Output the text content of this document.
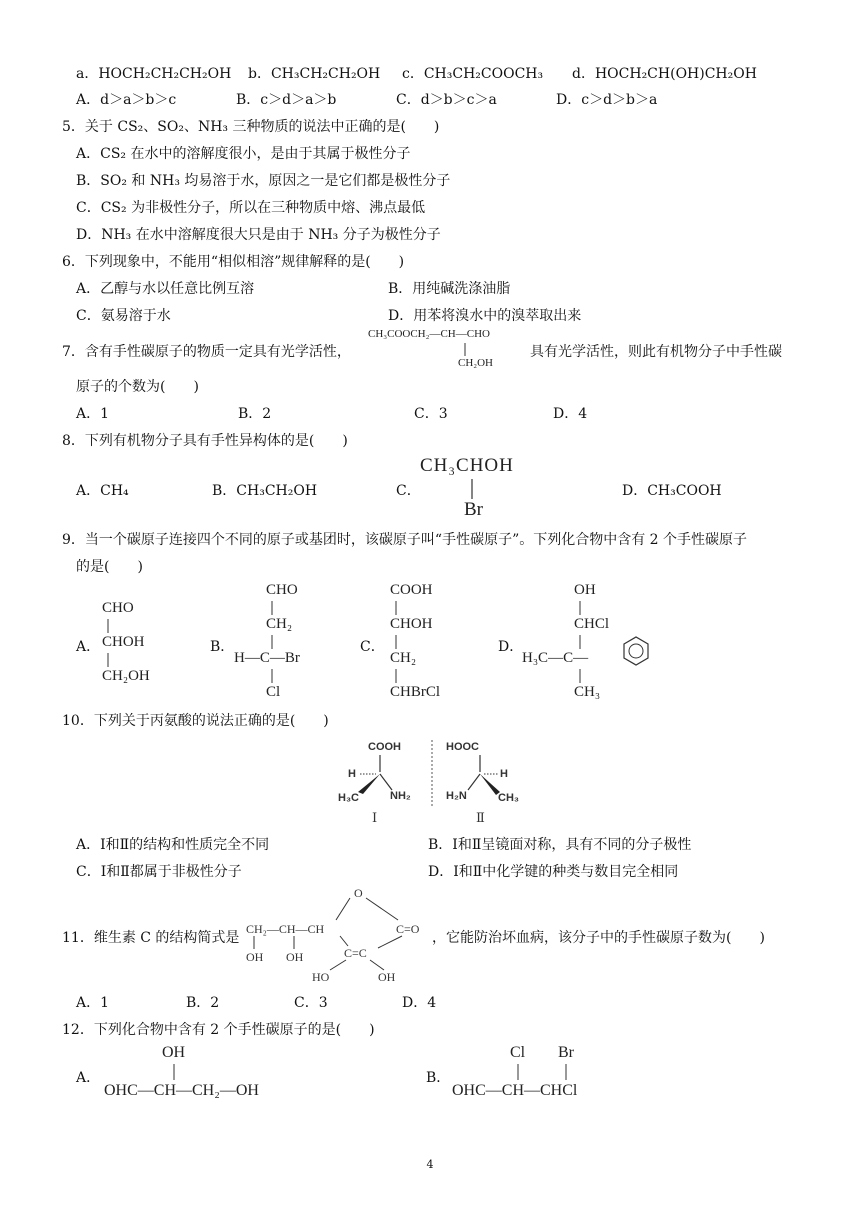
a．HOCH₂CH₂CH₂OH b．CH₃CH₂CH₂OH c．CH₃CH₂COOCH₃ d．HOCH₂CH(OH)CH₂OH
A．d＞a＞b＞c	B．c＞d＞a＞b	C．d＞b＞c＞a	D．c＞d＞b＞a
5．关于 CS₂、SO₂、NH₃ 三种物质的说法中正确的是(　　)
A．CS₂ 在水中的溶解度很小，是由于其属于极性分子
B．SO₂ 和 NH₃ 均易溶于水，原因之一是它们都是极性分子
C．CS₂ 为非极性分子，所以在三种物质中熔、沸点最低
D．NH₃ 在水中溶解度很大只是由于 NH₃ 分子为极性分子
6．下列现象中，不能用“相似相溶”规律解释的是(　　)
A．乙醇与水以任意比例互溶	B．用纯碱洗涤油脂
C．氨易溶于水	D．用苯将溴水中的溴萃取出来
7．含有手性碳原子的物质一定具有光学活性，
CH₃COOCH₂—CH—CHO
CH₂OH
具有光学活性，则此有机物分子中手性碳
原子的个数为(　　)
A．1	B．2	C．3	D．4
8．下列有机物分子具有手性异构体的是(　　)
A．CH₄	B．CH₃CH₂OH	C．
CH₃CHOH
Br
D．CH₃COOH
9．当一个碳原子连接四个不同的原子或基团时，该碳原子叫“手性碳原子”。下列化合物中含有 2 个手性碳原子
的是(　　)
A．
CHO
CHOH
CH₂OH
B．
CHO
CH₂
H—C—Br
Cl
C．
COOH
CHOH
CH₂
CHBrCl
D．
OH
CHCl
H₃C—C—
CH₃
10．下列关于丙氨酸的说法正确的是(　　)
COOH
H
H₃C	NH₂
HOOC
H
H₂N	CH₃
Ⅰ	Ⅱ
A．Ⅰ和Ⅱ的结构和性质完全不同	B．Ⅰ和Ⅱ呈镜面对称，具有不同的分子极性
C．Ⅰ和Ⅱ都属于非极性分子	D．Ⅰ和Ⅱ中化学键的种类与数目完全相同
11．维生素 C 的结构简式是
O
CH₂—CH—CH	C=O
OH OH	C=C
HO	OH
，它能防治坏血病，该分子中的手性碳原子数为(　　)
A．1	B．2	C．3	D．4
12．下列化合物中含有 2 个手性碳原子的是(　　)
A．
OH
OHC—CH—CH₂—OH
B．
Cl Br
OHC—CH—CHCl
4
